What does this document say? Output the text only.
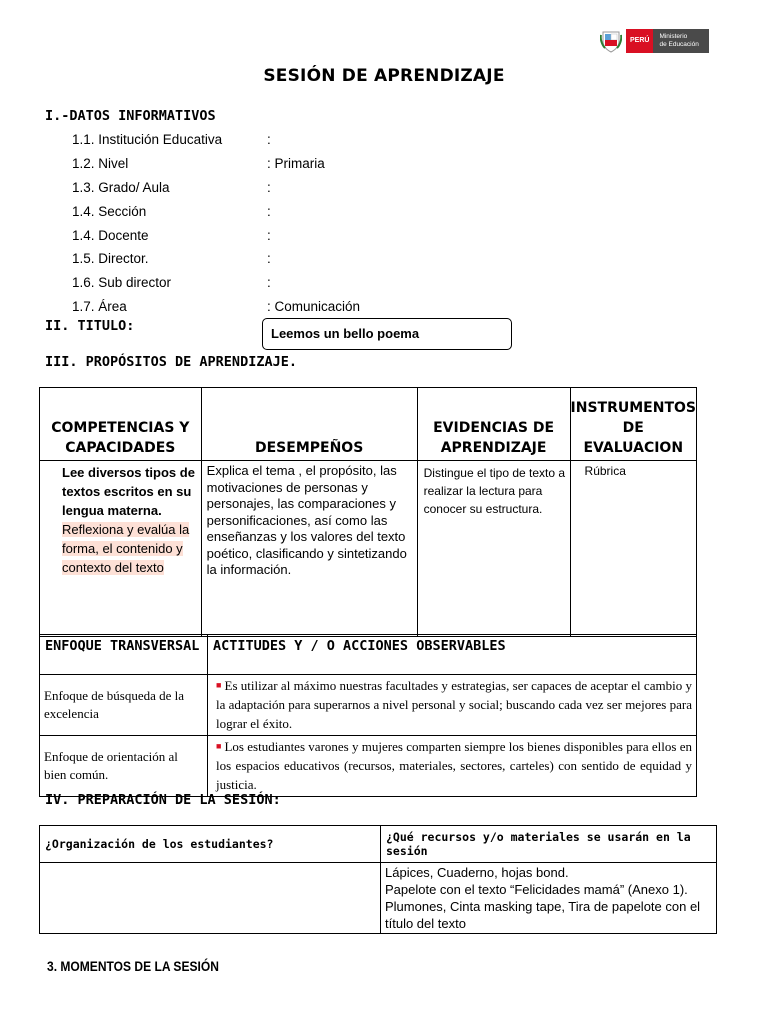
PERÚ
Ministerio
de Educación
SESIÓN DE APRENDIZAJE
I.-DATOS INFORMATIVOS
1.1. Institución Educativa	:
1.2. Nivel	: Primaria
1.3. Grado/ Aula	:
1.4. Sección	:
1.4. Docente	:
1.5. Director.	:
1.6. Sub director	:
1.7. Área	: Comunicación
II. TITULO:	Leemos un bello poema
III. PROPÓSITOS DE APRENDIZAJE.
COMPETENCIAS Y CAPACIDADES	DESEMPEÑOS	EVIDENCIAS DE APRENDIZAJE	INSTRUMENTOS DE EVALUACION

Lee diversos tipos de textos escritos en su lengua materna.
Reflexiona y evalúa la forma, el contenido y contexto del texto	Explica el tema , el propósito, las motivaciones de personas y personajes, las comparaciones y personificaciones, así como las enseñanzas y los valores del texto poético, clasificando y sintetizando la información.	Distingue el tipo de texto a realizar la lectura para conocer su estructura.	Rúbrica
ENFOQUE TRANSVERSAL	ACTITUDES Y / O ACCIONES OBSERVABLES
Enfoque de búsqueda de la excelencia	■ Es utilizar al máximo nuestras facultades y estrategias, ser capaces de aceptar el cambio y la adaptación para superarnos a nivel personal y social; buscando cada vez ser mejores para lograr el éxito.
Enfoque de orientación al bien común.	■ Los estudiantes varones y mujeres comparten siempre los bienes disponibles para ellos en los espacios educativos (recursos, materiales, sectores, carteles) con sentido de equidad y justicia.
IV. PREPARACIÓN DE LA SESIÓN:
¿Organización de los estudiantes?	¿Qué recursos y/o materiales se usarán en la sesión

	Lápices, Cuaderno, hojas bond.
Papelote con el texto “Felicidades mamá” (Anexo 1).
Plumones, Cinta masking tape, Tira de papelote con el título del texto
3. MOMENTOS DE LA SESIÓN
